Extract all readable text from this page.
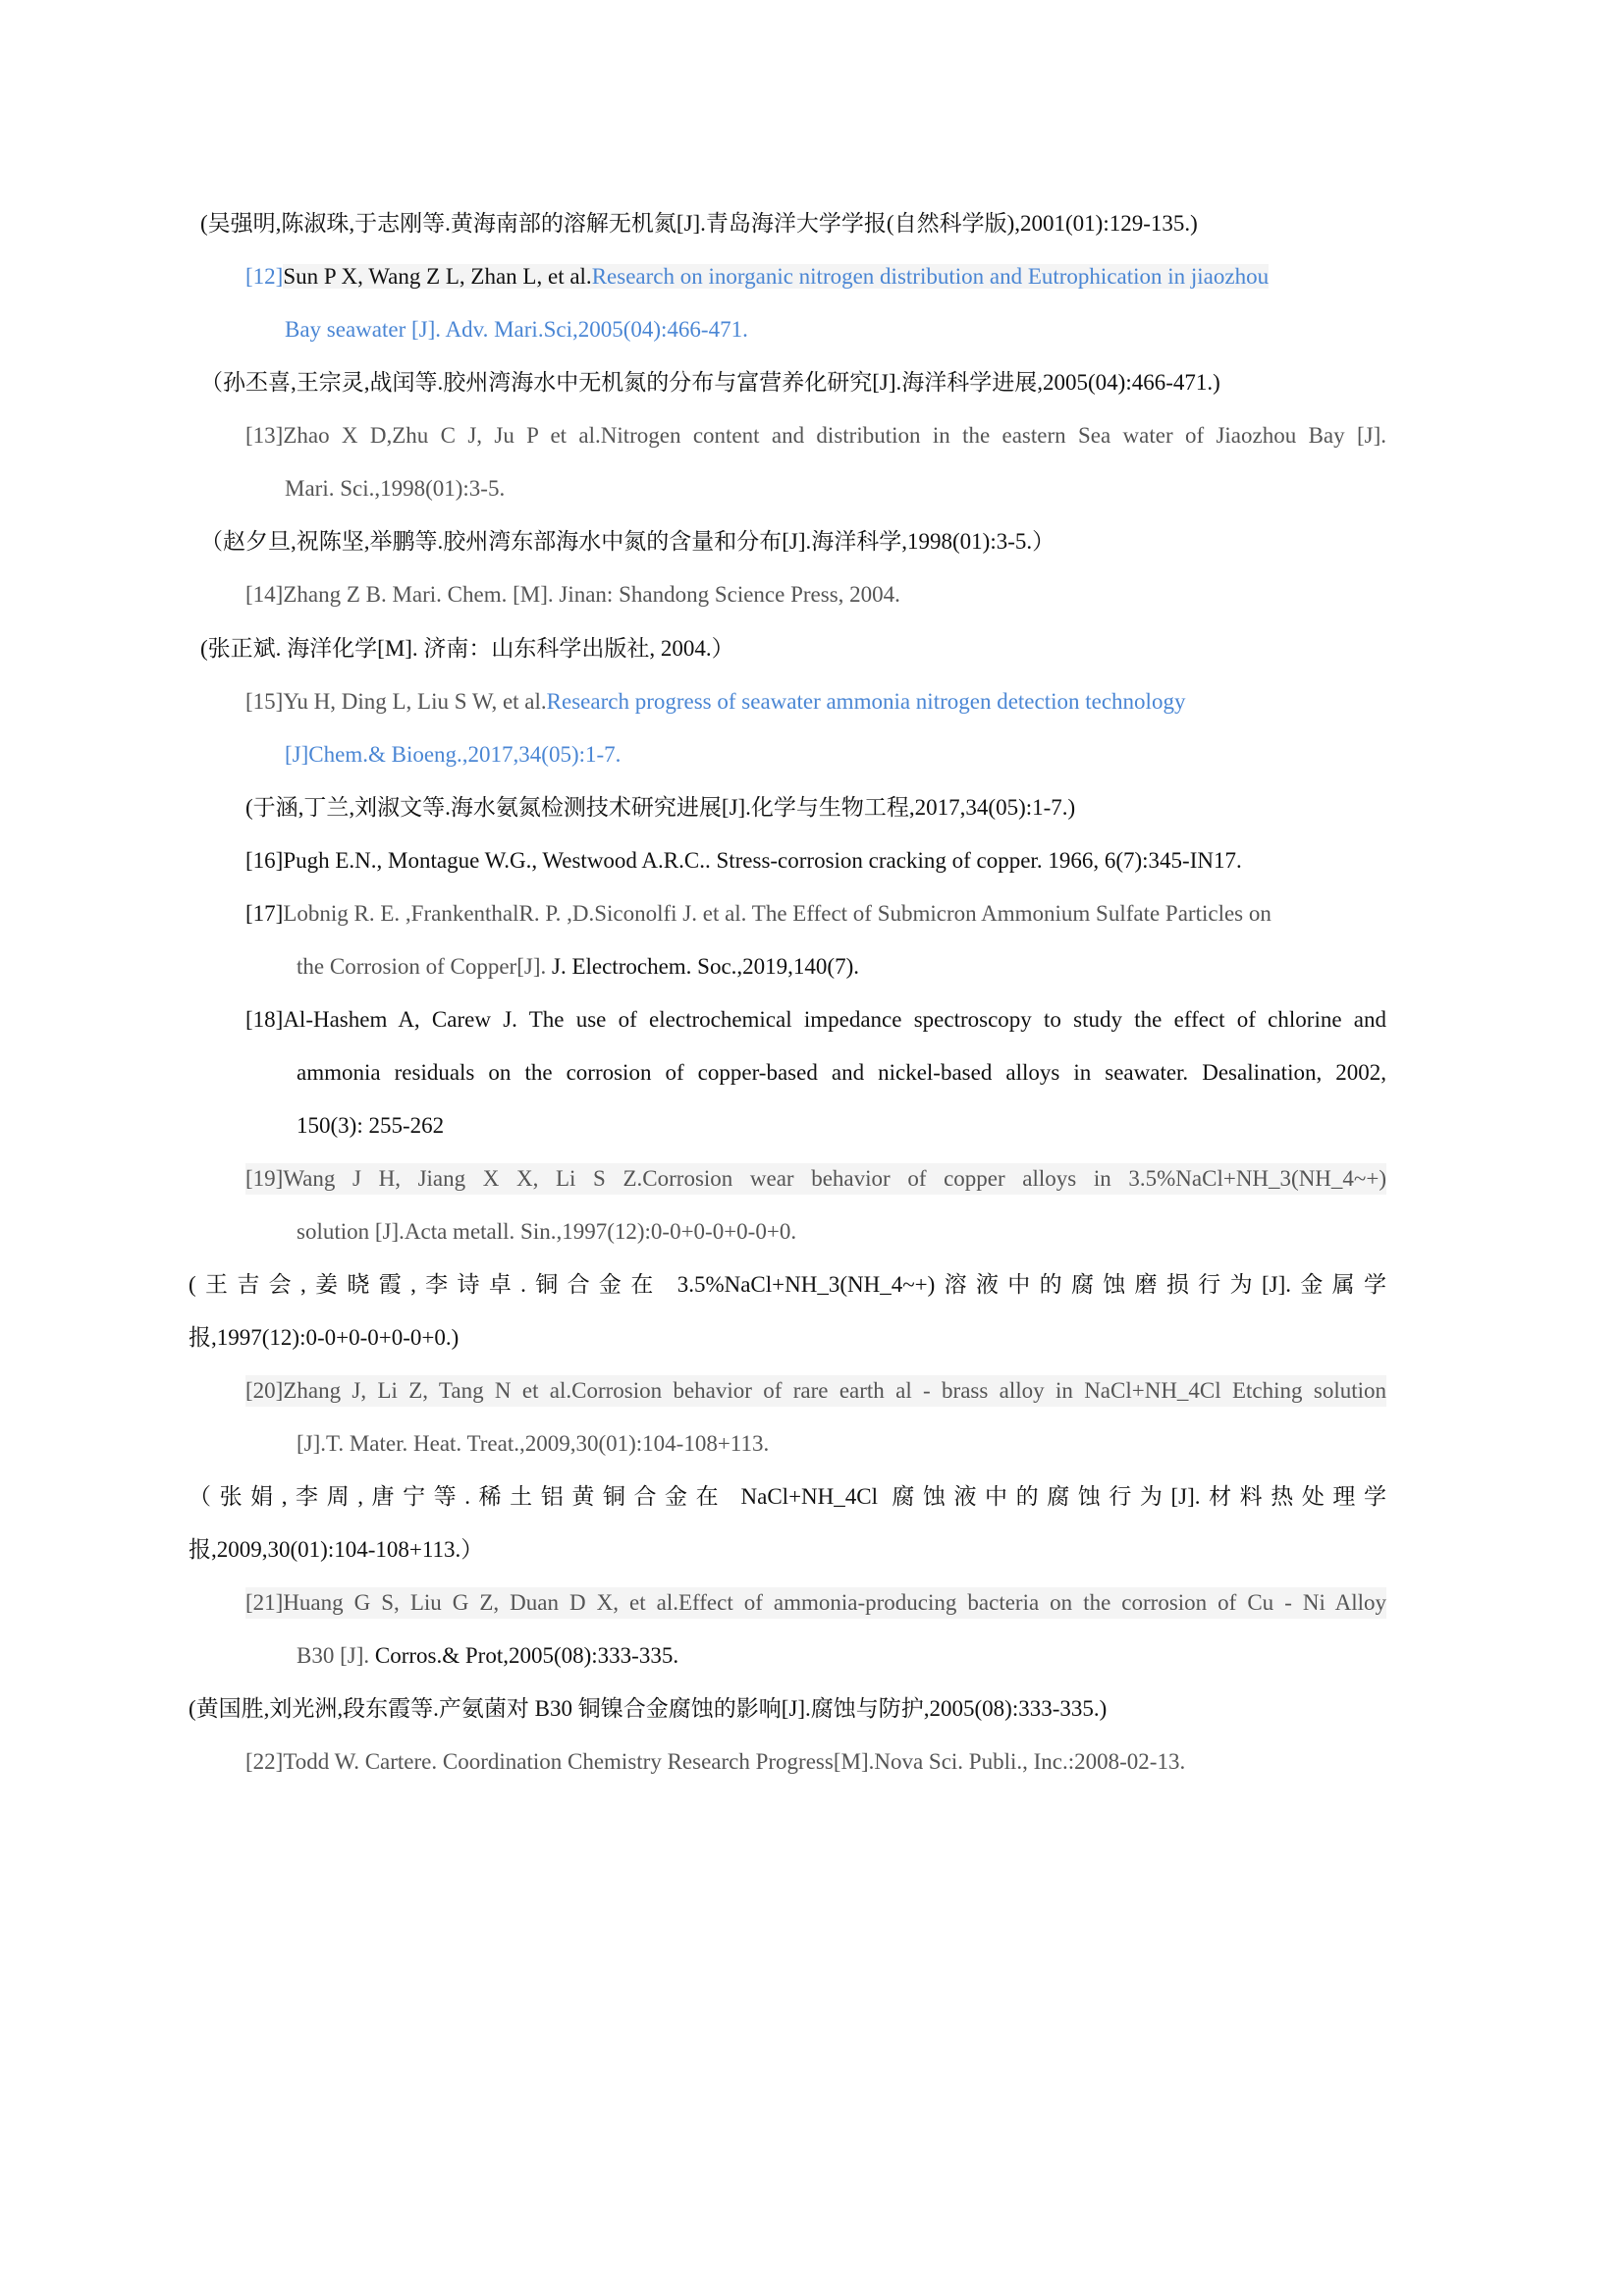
(吴强明,陈淑珠,于志刚等.黄海南部的溶解无机氮[J].青岛海洋大学学报(自然科学版),2001(01):129-135.)
[12]Sun P X, Wang Z L, Zhan L, et al.Research on inorganic nitrogen distribution and Eutrophication in jiaozhou
Bay seawater [J]. Adv. Mari.Sci,2005(04):466-471.
（孙丕喜,王宗灵,战闰等.胶州湾海水中无机氮的分布与富营养化研究[J].海洋科学进展,2005(04):466-471.)
[13]Zhao X D,Zhu C J, Ju P et al.Nitrogen content and distribution in the eastern Sea water of Jiaozhou Bay [J].
Mari. Sci.,1998(01):3-5.
（赵夕旦,祝陈坚,举鹏等.胶州湾东部海水中氮的含量和分布[J].海洋科学,1998(01):3-5.）
[14]Zhang Z B. Mari. Chem. [M]. Jinan: Shandong Science Press, 2004.
(张正斌. 海洋化学[M]. 济南：山东科学出版社, 2004.）
[15]Yu H, Ding L, Liu S W, et al.Research progress of seawater ammonia nitrogen detection technology
[J]Chem.& Bioeng.,2017,34(05):1-7.
(于涵,丁兰,刘淑文等.海水氨氮检测技术研究进展[J].化学与生物工程,2017,34(05):1-7.)
[16]Pugh E.N., Montague W.G., Westwood A.R.C.. Stress-corrosion cracking of copper. 1966, 6(7):345-IN17.
[17]Lobnig R. E. ,FrankenthalR. P. ,D.Siconolfi J. et al. The Effect of Submicron Ammonium Sulfate Particles on
the Corrosion of Copper[J]. J. Electrochem. Soc.,2019,140(7).
[18]Al-Hashem A, Carew J. The use of electrochemical impedance spectroscopy to study the effect of chlorine and
ammonia residuals on the corrosion of copper-based and nickel-based alloys in seawater. Desalination, 2002,
150(3): 255-262
[19]Wang J H, Jiang X X, Li S Z.Corrosion wear behavior of copper alloys in 3.5%NaCl+NH_3(NH_4~+)
solution [J].Acta metall. Sin.,1997(12):0-0+0-0+0-0+0.
(王吉会,姜晓霞,李诗卓.铜合金在 3.5%NaCl+NH_3(NH_4~+)溶液中的腐蚀磨损行为[J].金属学
报,1997(12):0-0+0-0+0-0+0.)
[20]Zhang J, Li Z, Tang N et al.Corrosion behavior of rare earth al - brass alloy in NaCl+NH_4Cl Etching solution
[J].T. Mater. Heat. Treat.,2009,30(01):104-108+113.
（张娟,李周,唐宁等.稀土铝黄铜合金在 NaCl+NH_4Cl 腐蚀液中的腐蚀行为[J].材料热处理学
报,2009,30(01):104-108+113.）
[21]Huang G S, Liu G Z, Duan D X, et al.Effect of ammonia-producing bacteria on the corrosion of Cu - Ni Alloy
B30 [J]. Corros.& Prot,2005(08):333-335.
(黄国胜,刘光洲,段东霞等.产氨菌对 B30 铜镍合金腐蚀的影响[J].腐蚀与防护,2005(08):333-335.)
[22]Todd W. Cartere. Coordination Chemistry Research Progress[M].Nova Sci. Publi., Inc.:2008-02-13.
